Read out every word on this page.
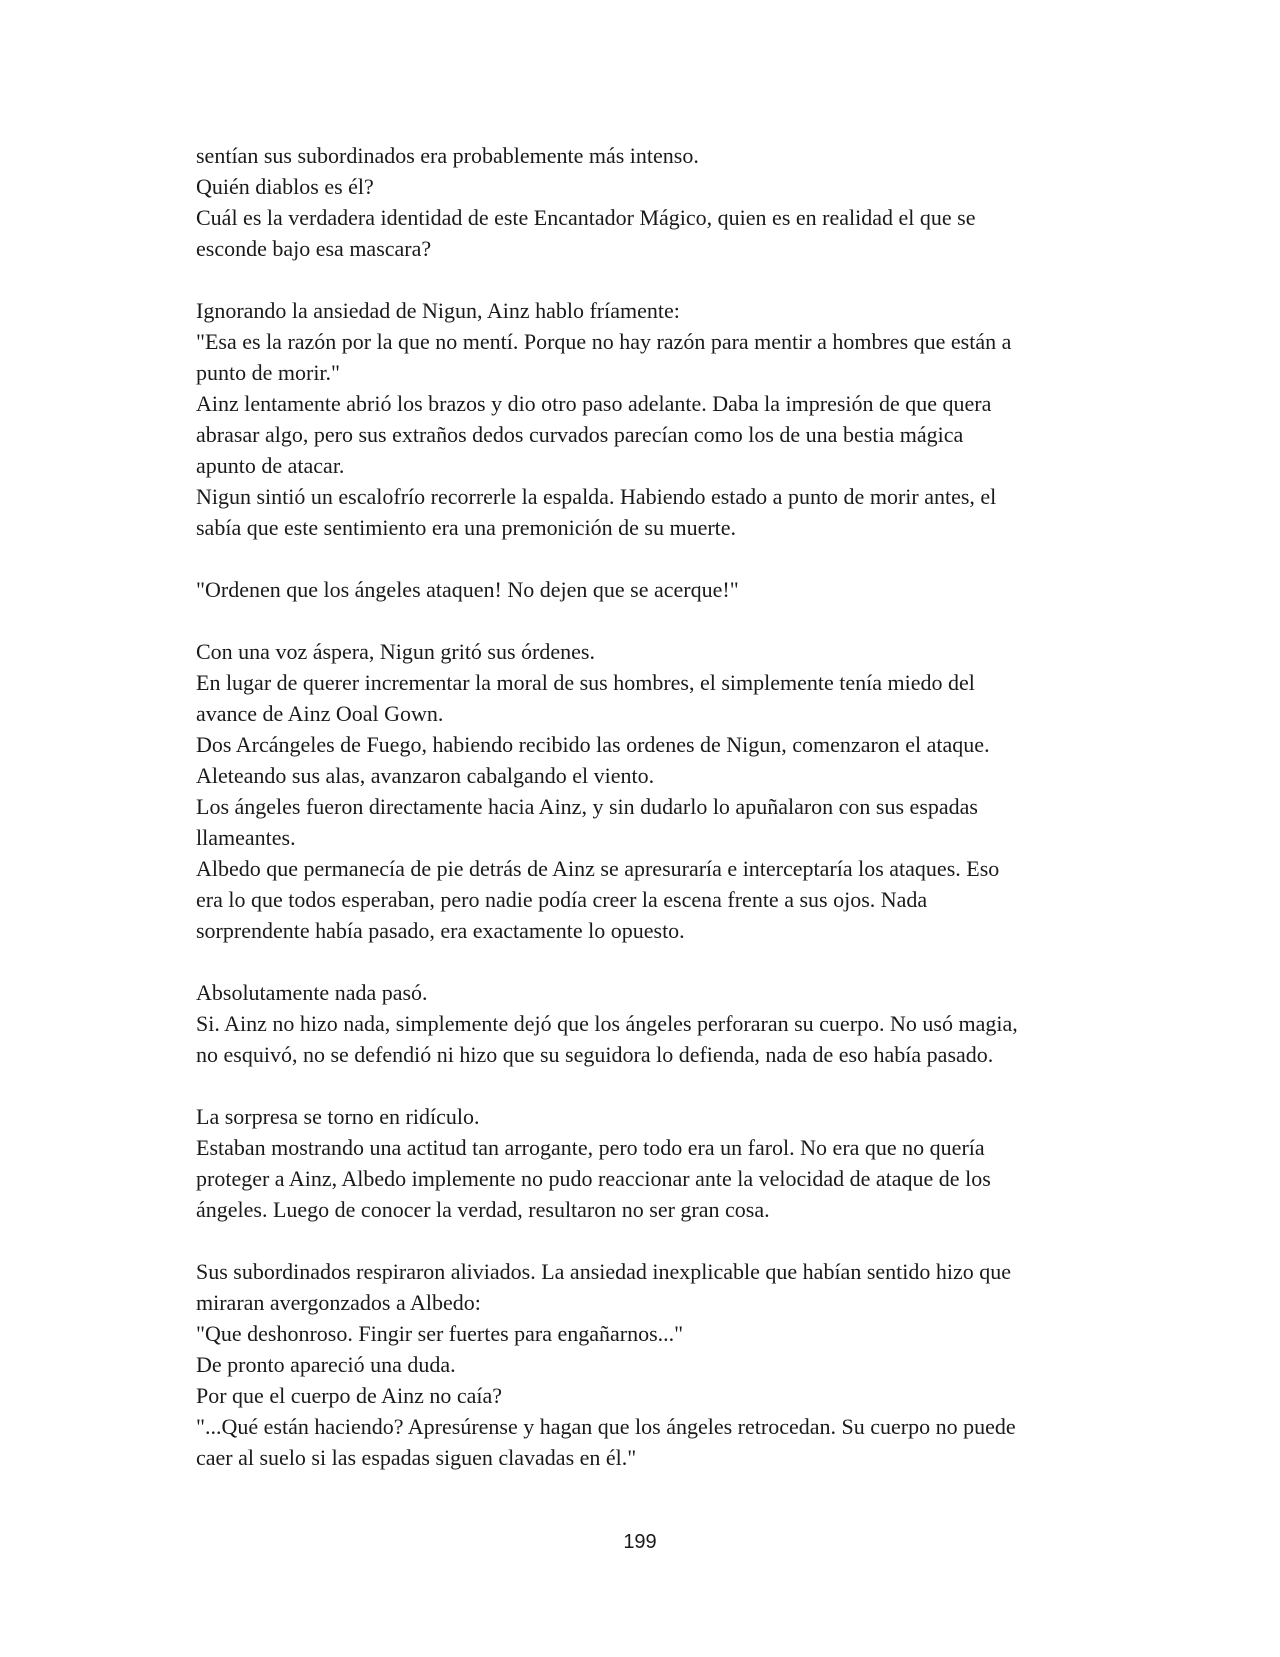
sentían sus subordinados era probablemente más intenso.
Quién diablos es él?
Cuál es la verdadera identidad de este Encantador Mágico, quien es en realidad el que se
esconde bajo esa mascara?
Ignorando la ansiedad de Nigun, Ainz hablo fríamente:
"Esa es la razón por la que no mentí. Porque no hay razón para mentir a hombres que están a
punto de morir."
Ainz lentamente abrió los brazos y dio otro paso adelante. Daba la impresión de que quera
abrasar algo, pero sus extraños dedos curvados parecían como los de una bestia mágica
apunto de atacar.
Nigun sintió un escalofrío recorrerle la espalda. Habiendo estado a punto de morir antes, el
sabía que este sentimiento era una premonición de su muerte.
"Ordenen que los ángeles ataquen! No dejen que se acerque!"
Con una voz áspera, Nigun gritó sus órdenes.
En lugar de querer incrementar la moral de sus hombres, el simplemente tenía miedo del
avance de Ainz Ooal Gown.
Dos Arcángeles de Fuego, habiendo recibido las ordenes de Nigun, comenzaron el ataque.
Aleteando sus alas, avanzaron cabalgando el viento.
Los ángeles fueron directamente hacia Ainz, y sin dudarlo lo apuñalaron con sus espadas
llameantes.
Albedo que permanecía de pie detrás de Ainz se apresuraría e interceptaría los ataques. Eso
era lo que todos esperaban, pero nadie podía creer la escena frente a sus ojos. Nada
sorprendente había pasado, era exactamente lo opuesto.
Absolutamente nada pasó.
Si. Ainz no hizo nada, simplemente dejó que los ángeles perforaran su cuerpo. No usó magia,
no esquivó, no se defendió ni hizo que su seguidora lo defienda, nada de eso había pasado.
La sorpresa se torno en ridículo.
Estaban mostrando una actitud tan arrogante, pero todo era un farol. No era que no quería
proteger a Ainz, Albedo implemente no pudo reaccionar ante la velocidad de ataque de los
ángeles. Luego de conocer la verdad, resultaron no ser gran cosa.
Sus subordinados respiraron aliviados. La ansiedad inexplicable que habían sentido hizo que
miraran avergonzados a Albedo:
"Que deshonroso. Fingir ser fuertes para engañarnos..."
De pronto apareció una duda.
Por que el cuerpo de Ainz no caía?
"...Qué están haciendo? Apresúrense y hagan que los ángeles retrocedan. Su cuerpo no puede
caer al suelo si las espadas siguen clavadas en él."
199
